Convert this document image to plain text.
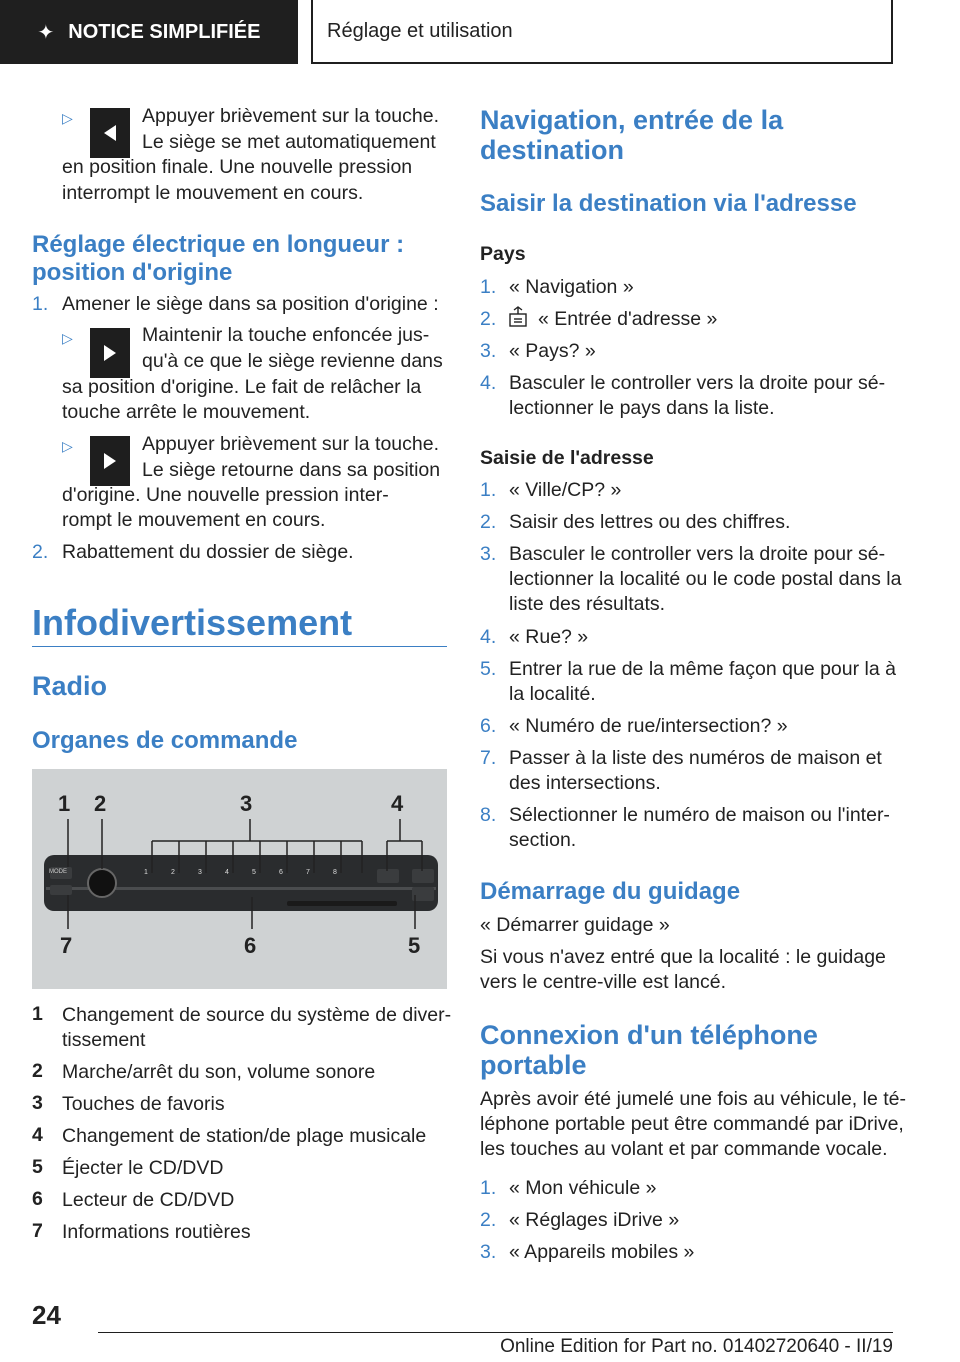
✦ NOTICE SIMPLIFIÉE	Réglage et utilisation
▷	Appuyer brièvement sur la touche.
Le siège se met automatiquement
en position finale. Une nouvelle pression
interrompt le mouvement en cours.
Réglage électrique en longueur :
position d'origine
1. Amener le siège dans sa position d'origine :
▷	Maintenir la touche enfoncée jus-
qu'à ce que le siège revienne dans
sa position d'origine. Le fait de relâcher la
touche arrête le mouvement.
▷	Appuyer brièvement sur la touche.
Le siège retourne dans sa position
d'origine. Une nouvelle pression inter-
rompt le mouvement en cours.
2. Rabattement du dossier de siège.
Infodivertissement
Radio
Organes de commande
MODE
1 2	3	4
5
6
7
1	2	3	4	5	6	7	8
1 Changement de source du système de diver-
tissement
2 Marche/arrêt du son, volume sonore
3 Touches de favoris
4 Changement de station/de plage musicale
5 Éjecter le CD/DVD
6 Lecteur de CD/DVD
7 Informations routières
Navigation, entrée de la
destination
Saisir la destination via l'adresse
Pays
1. « Navigation »
2. « Entrée d'adresse »
3. « Pays? »
4. Basculer le controller vers la droite pour sé-
lectionner le pays dans la liste.
Saisie de l'adresse
1. « Ville/CP? »
2. Saisir des lettres ou des chiffres.
3. Basculer le controller vers la droite pour sé-
lectionner la localité ou le code postal dans la
liste des résultats.
4. « Rue? »
5. Entrer la rue de la même façon que pour la à
la localité.
6. « Numéro de rue/intersection? »
7. Passer à la liste des numéros de maison et
des intersections.
8. Sélectionner le numéro de maison ou l'inter-
section.
Démarrage du guidage
« Démarrer guidage »
Si vous n'avez entré que la localité : le guidage
vers le centre-ville est lancé.
Connexion d'un téléphone
portable
Après avoir été jumelé une fois au véhicule, le té-
léphone portable peut être commandé par iDrive,
les touches au volant et par commande vocale.
1. « Mon véhicule »
2. « Réglages iDrive »
3. « Appareils mobiles »
24
Online Edition for Part no. 01402720640 - II/19
